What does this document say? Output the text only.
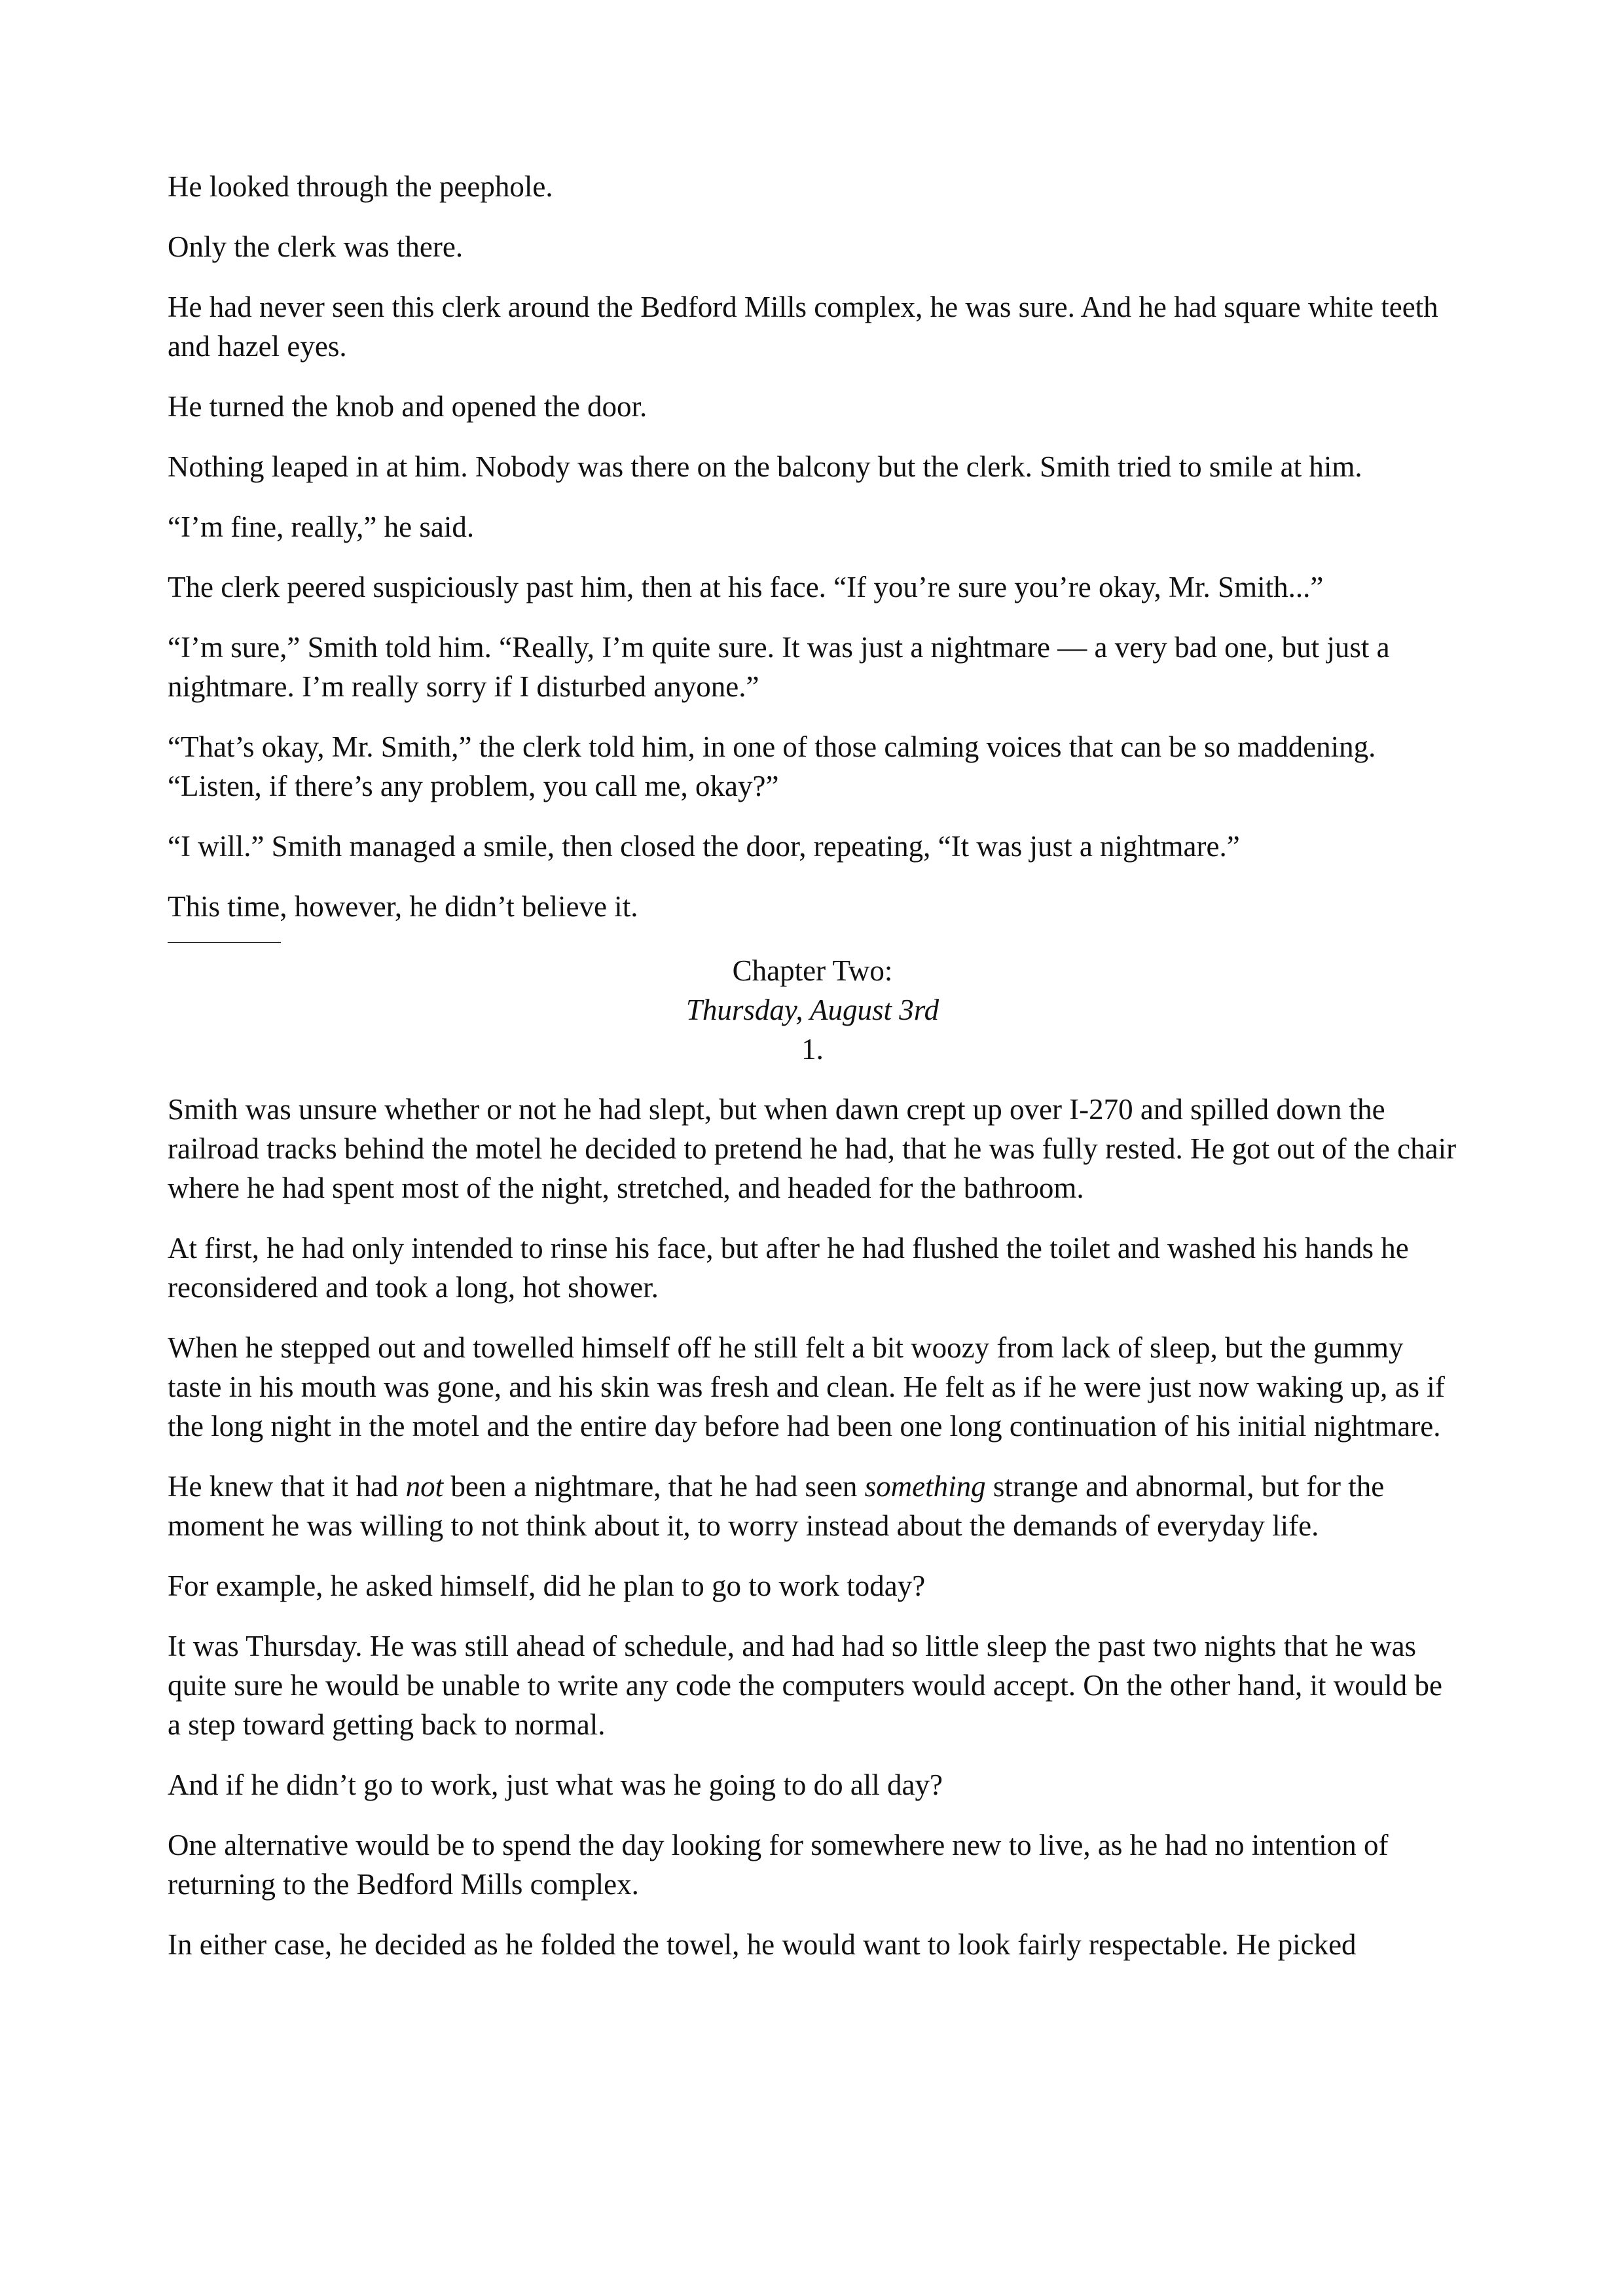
He looked through the peephole.

Only the clerk was there.

He had never seen this clerk around the Bedford Mills complex, he was sure. And he had square white teeth and hazel eyes.

He turned the knob and opened the door.

Nothing leaped in at him. Nobody was there on the balcony but the clerk. Smith tried to smile at him.

“I’m fine, really,” he said.

The clerk peered suspiciously past him, then at his face. “If you’re sure you’re okay, Mr. Smith...”

“I’m sure,” Smith told him. “Really, I’m quite sure. It was just a nightmare — a very bad one, but just a nightmare. I’m really sorry if I disturbed anyone.”

“That’s okay, Mr. Smith,” the clerk told him, in one of those calming voices that can be so maddening. “Listen, if there’s any problem, you call me, okay?”

“I will.” Smith managed a smile, then closed the door, repeating, “It was just a nightmare.”

This time, however, he didn’t believe it.

Chapter Two:
Thursday, August 3rd
1.

Smith was unsure whether or not he had slept, but when dawn crept up over I-270 and spilled down the railroad tracks behind the motel he decided to pretend he had, that he was fully rested. He got out of the chair where he had spent most of the night, stretched, and headed for the bathroom.

At first, he had only intended to rinse his face, but after he had flushed the toilet and washed his hands he reconsidered and took a long, hot shower.

When he stepped out and towelled himself off he still felt a bit woozy from lack of sleep, but the gummy taste in his mouth was gone, and his skin was fresh and clean. He felt as if he were just now waking up, as if the long night in the motel and the entire day before had been one long continuation of his initial nightmare.

He knew that it had not been a nightmare, that he had seen something strange and abnormal, but for the moment he was willing to not think about it, to worry instead about the demands of everyday life.

For example, he asked himself, did he plan to go to work today?

It was Thursday. He was still ahead of schedule, and had had so little sleep the past two nights that he was quite sure he would be unable to write any code the computers would accept. On the other hand, it would be a step toward getting back to normal.

And if he didn’t go to work, just what was he going to do all day?

One alternative would be to spend the day looking for somewhere new to live, as he had no intention of returning to the Bedford Mills complex.

In either case, he decided as he folded the towel, he would want to look fairly respectable. He picked
